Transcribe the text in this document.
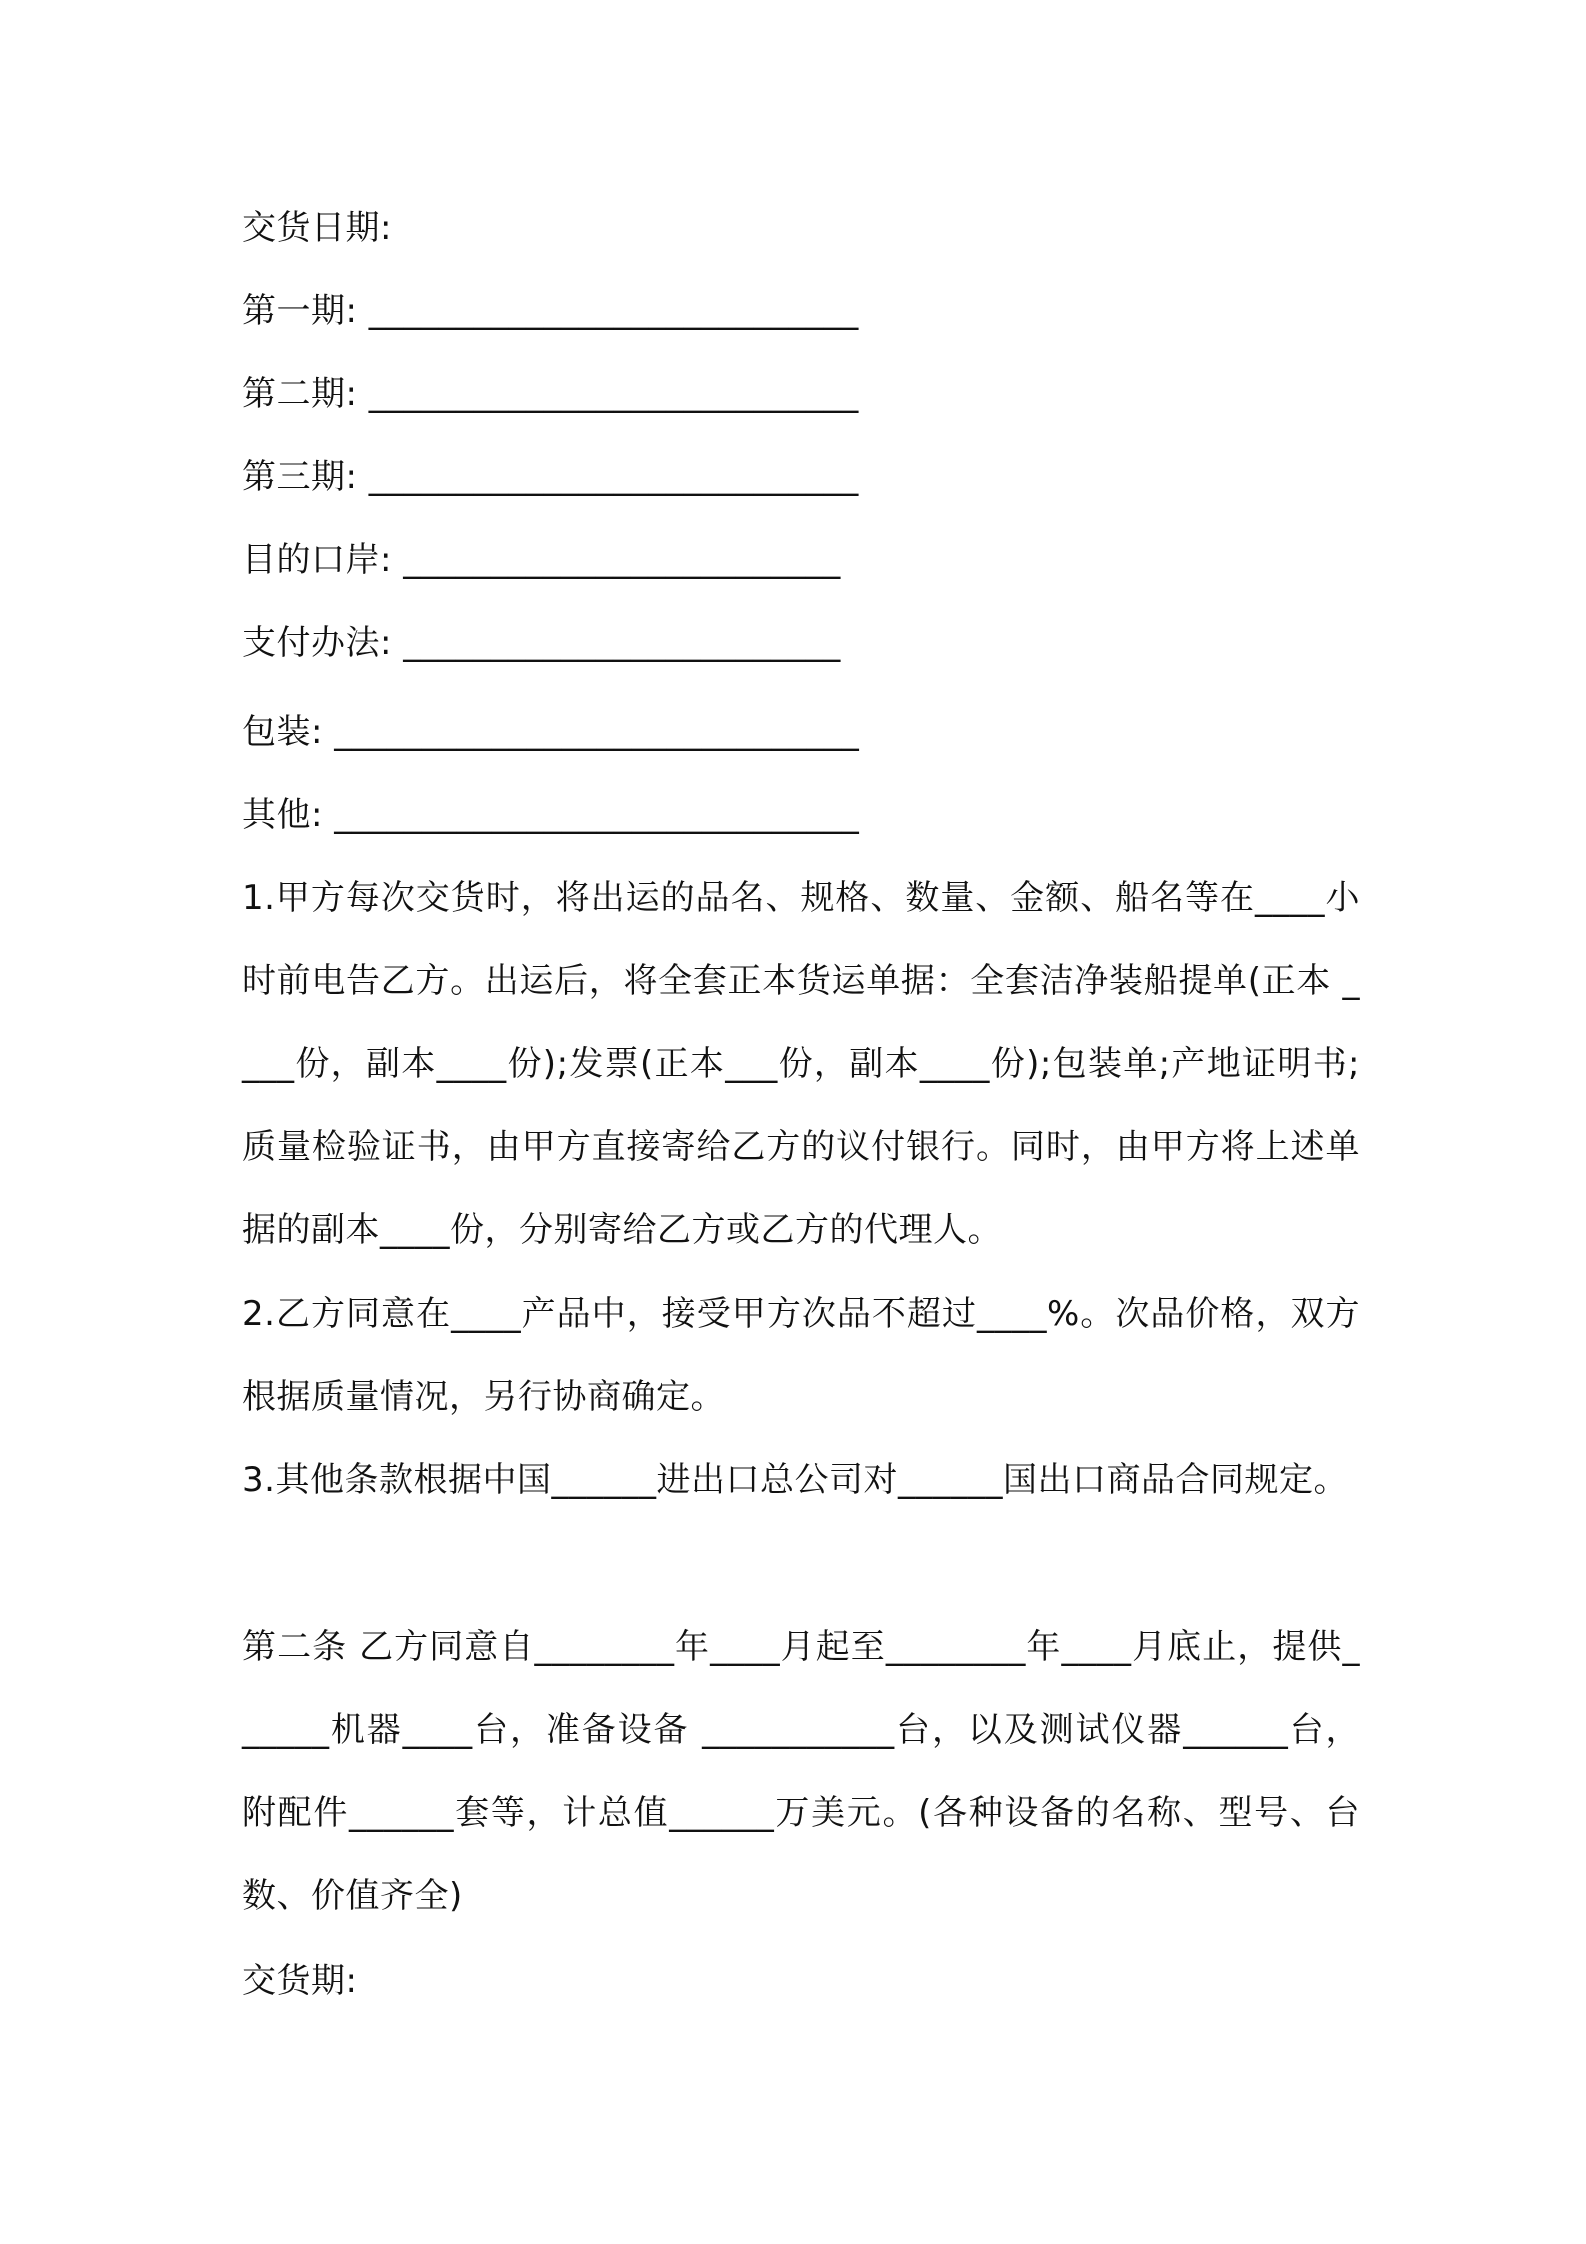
交货日期:
第一期: ____________________________
第二期: ____________________________
第三期: ____________________________
目的口岸: _________________________
支付办法: _________________________
包装: ______________________________
其他: ______________________________
1.甲方每次交货时，将出运的品名、规格、数量、金额、船名等在____小时前电告乙方。出运后，将全套正本货运单据：全套洁净装船提单(正本 ____份，副本____份);发票(正本___份，副本____份);包装单;产地证明书;质量检验证书，由甲方直接寄给乙方的议付银行。同时，由甲方将上述单据的副本____份，分别寄给乙方或乙方的代理人。
2.乙方同意在____产品中，接受甲方次品不超过____%。次品价格，双方根据质量情况，另行协商确定。
3.其他条款根据中国______进出口总公司对______国出口商品合同规定。
第二条 乙方同意自________年____月起至________年____月底止，提供______机器____台，准备设备 ___________台，以及测试仪器______台，附配件______套等，计总值______万美元。(各种设备的名称、型号、台数、价值齐全)
交货期:
